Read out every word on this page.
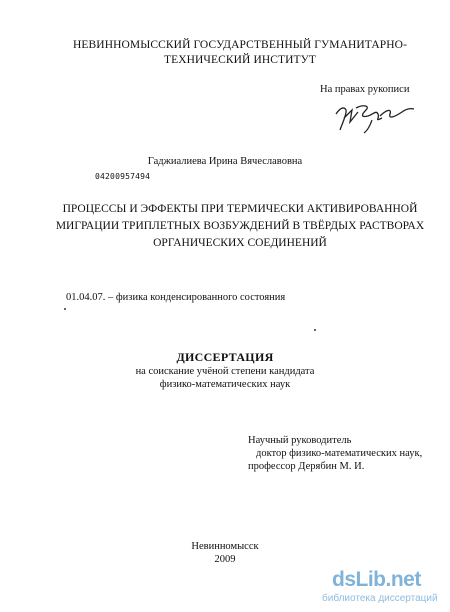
НЕВИННОМЫССКИЙ ГОСУДАРСТВЕННЫЙ ГУМАНИТАРНО-
ТЕХНИЧЕСКИЙ ИНСТИТУТ
На правах рукописи
Гаджиалиева Ирина Вячеславовна
04200957494
ПРОЦЕССЫ И ЭФФЕКТЫ ПРИ ТЕРМИЧЕСКИ АКТИВИРОВАННОЙ
МИГРАЦИИ ТРИПЛЕТНЫХ ВОЗБУЖДЕНИЙ В ТВЁРДЫХ РАСТВОРАХ
ОРГАНИЧЕСКИХ СОЕДИНЕНИЙ
01.04.07. – физика конденсированного состояния
ДИССЕРТАЦИЯ
на соискание учёной степени кандидата
физико-математических наук
Научный руководитель
доктор физико-математических наук,
профессор Дерябин М. И.
Невинномысск
2009
dsLib.net
библиотека диссертаций
